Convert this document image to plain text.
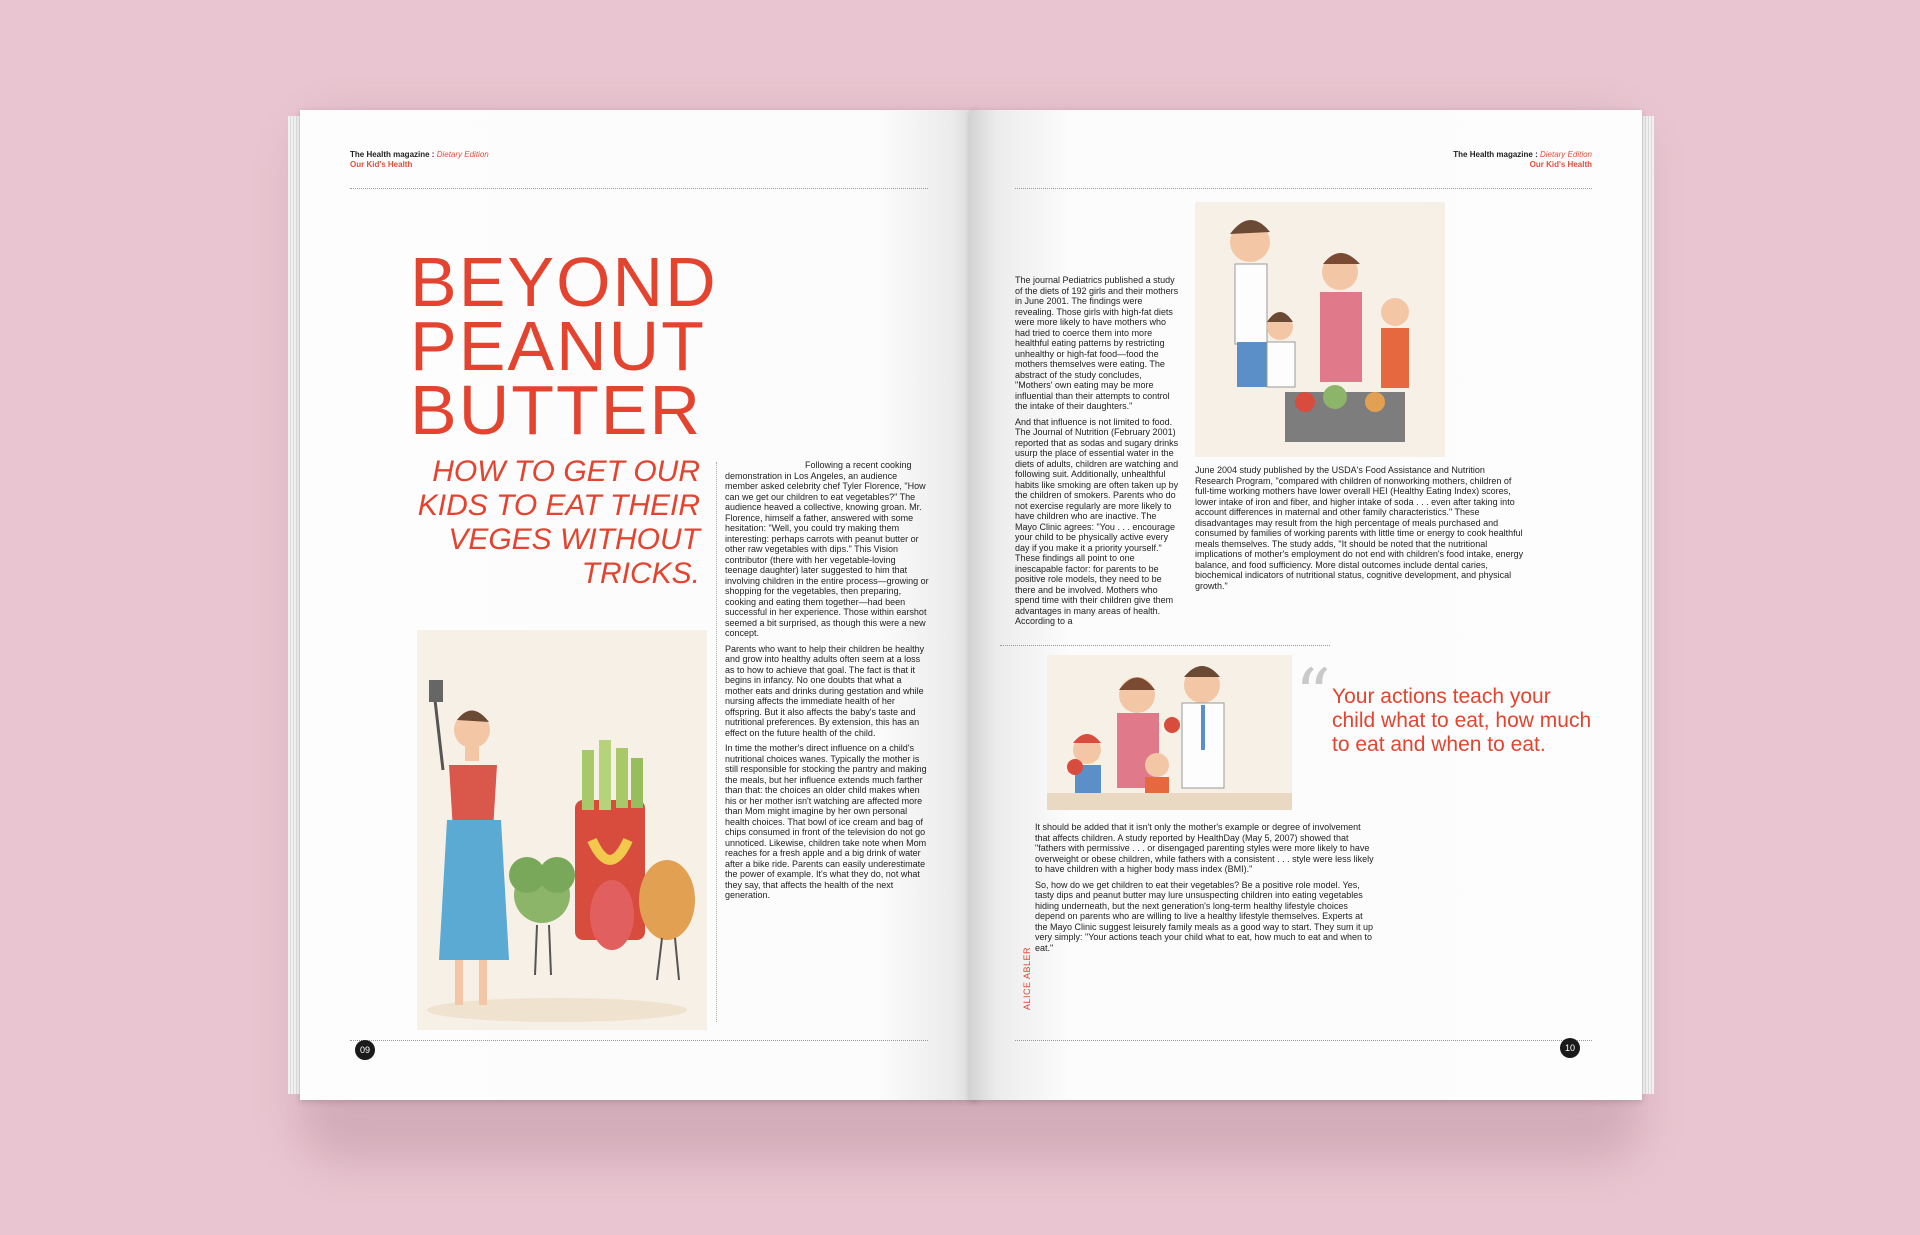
The Health magazine : Dietary Edition
Our Kid's Health
BEYOND
PEANUT
BUTTER
HOW TO GET OUR KIDS TO EAT THEIR VEGES WITHOUT TRICKS.

Following a recent cooking demonstration in Los Angeles, an audience member asked celebrity chef Tyler Florence, "How can we get our children to eat vegetables?" The audience heaved a collective, knowing groan. Mr. Florence, himself a father, answered with some hesitation: "Well, you could try making them interesting: perhaps carrots with peanut butter or other raw vegetables with dips." This Vision contributor (there with her vegetable-loving teenage daughter) later suggested to him that involving children in the entire process—growing or shopping for the vegetables, then preparing, cooking and eating them together—had been successful in her experience. Those within earshot seemed a bit surprised, as though this were a new concept.

Parents who want to help their children be healthy and grow into healthy adults often seem at a loss as to how to achieve that goal. The fact is that it begins in infancy. No one doubts that what a mother eats and drinks during gestation and while nursing affects the immediate health of her offspring. But it also affects the baby's taste and nutritional preferences. By extension, this has an effect on the future health of the child.

In time the mother's direct influence on a child's nutritional choices wanes. Typically the mother is still responsible for stocking the pantry and making the meals, but her influence extends much farther than that: the choices an older child makes when his or her mother isn't watching are affected more than Mom might imagine by her own personal health choices. That bowl of ice cream and bag of chips consumed in front of the television do not go unnoticed. Likewise, children take note when Mom reaches for a fresh apple and a big drink of water after a bike ride. Parents can easily underestimate the power of example. It's what they do, not what they say, that affects the health of the next generation.

09
The Health magazine : Dietary Edition
Our Kid's Health

The journal Pediatrics published a study of the diets of 192 girls and their mothers in June 2001. The findings were revealing. Those girls with high-fat diets were more likely to have mothers who had tried to coerce them into more healthful eating patterns by restricting unhealthy or high-fat food—food the mothers themselves were eating. The abstract of the study concludes, "Mothers' own eating may be more influential than their attempts to control the intake of their daughters."

And that influence is not limited to food. The Journal of Nutrition (February 2001) reported that as sodas and sugary drinks usurp the place of essential water in the diets of adults, children are watching and following suit. Additionally, unhealthful habits like smoking are often taken up by the children of smokers. Parents who do not exercise regularly are more likely to have children who are inactive. The Mayo Clinic agrees: "You . . . encourage your child to be physically active every day if you make it a priority yourself." These findings all point to one inescapable factor: for parents to be positive role models, they need to be there and be involved. Mothers who spend time with their children give them advantages in many areas of health. According to a

June 2004 study published by the USDA's Food Assistance and Nutrition Research Program, "compared with children of nonworking mothers, children of full-time working mothers have lower overall HEI (Healthy Eating Index) scores, lower intake of iron and fiber, and higher intake of soda . . . even after taking into account differences in maternal and other family characteristics." These disadvantages may result from the high percentage of meals purchased and consumed by families of working parents with little time or energy to cook healthful meals themselves. The study adds, "It should be noted that the nutritional implications of mother's employment do not end with children's food intake, energy balance, and food sufficiency. More distal outcomes include dental caries, biochemical indicators of nutritional status, cognitive development, and physical growth."

“ Your actions teach your child what to eat, how much to eat and when to eat.

It should be added that it isn't only the mother's example or degree of involvement that affects children. A study reported by HealthDay (May 5, 2007) showed that "fathers with permissive . . . or disengaged parenting styles were more likely to have overweight or obese children, while fathers with a consistent . . . style were less likely to have children with a higher body mass index (BMI)."

So, how do we get children to eat their vegetables? Be a positive role model. Yes, tasty dips and peanut butter may lure unsuspecting children into eating vegetables hiding underneath, but the next generation's long-term healthy lifestyle choices depend on parents who are willing to live a healthy lifestyle themselves. Experts at the Mayo Clinic suggest leisurely family meals as a good way to start. They sum it up very simply: "Your actions teach your child what to eat, how much to eat and when to eat."

ALICE ABLER
10
